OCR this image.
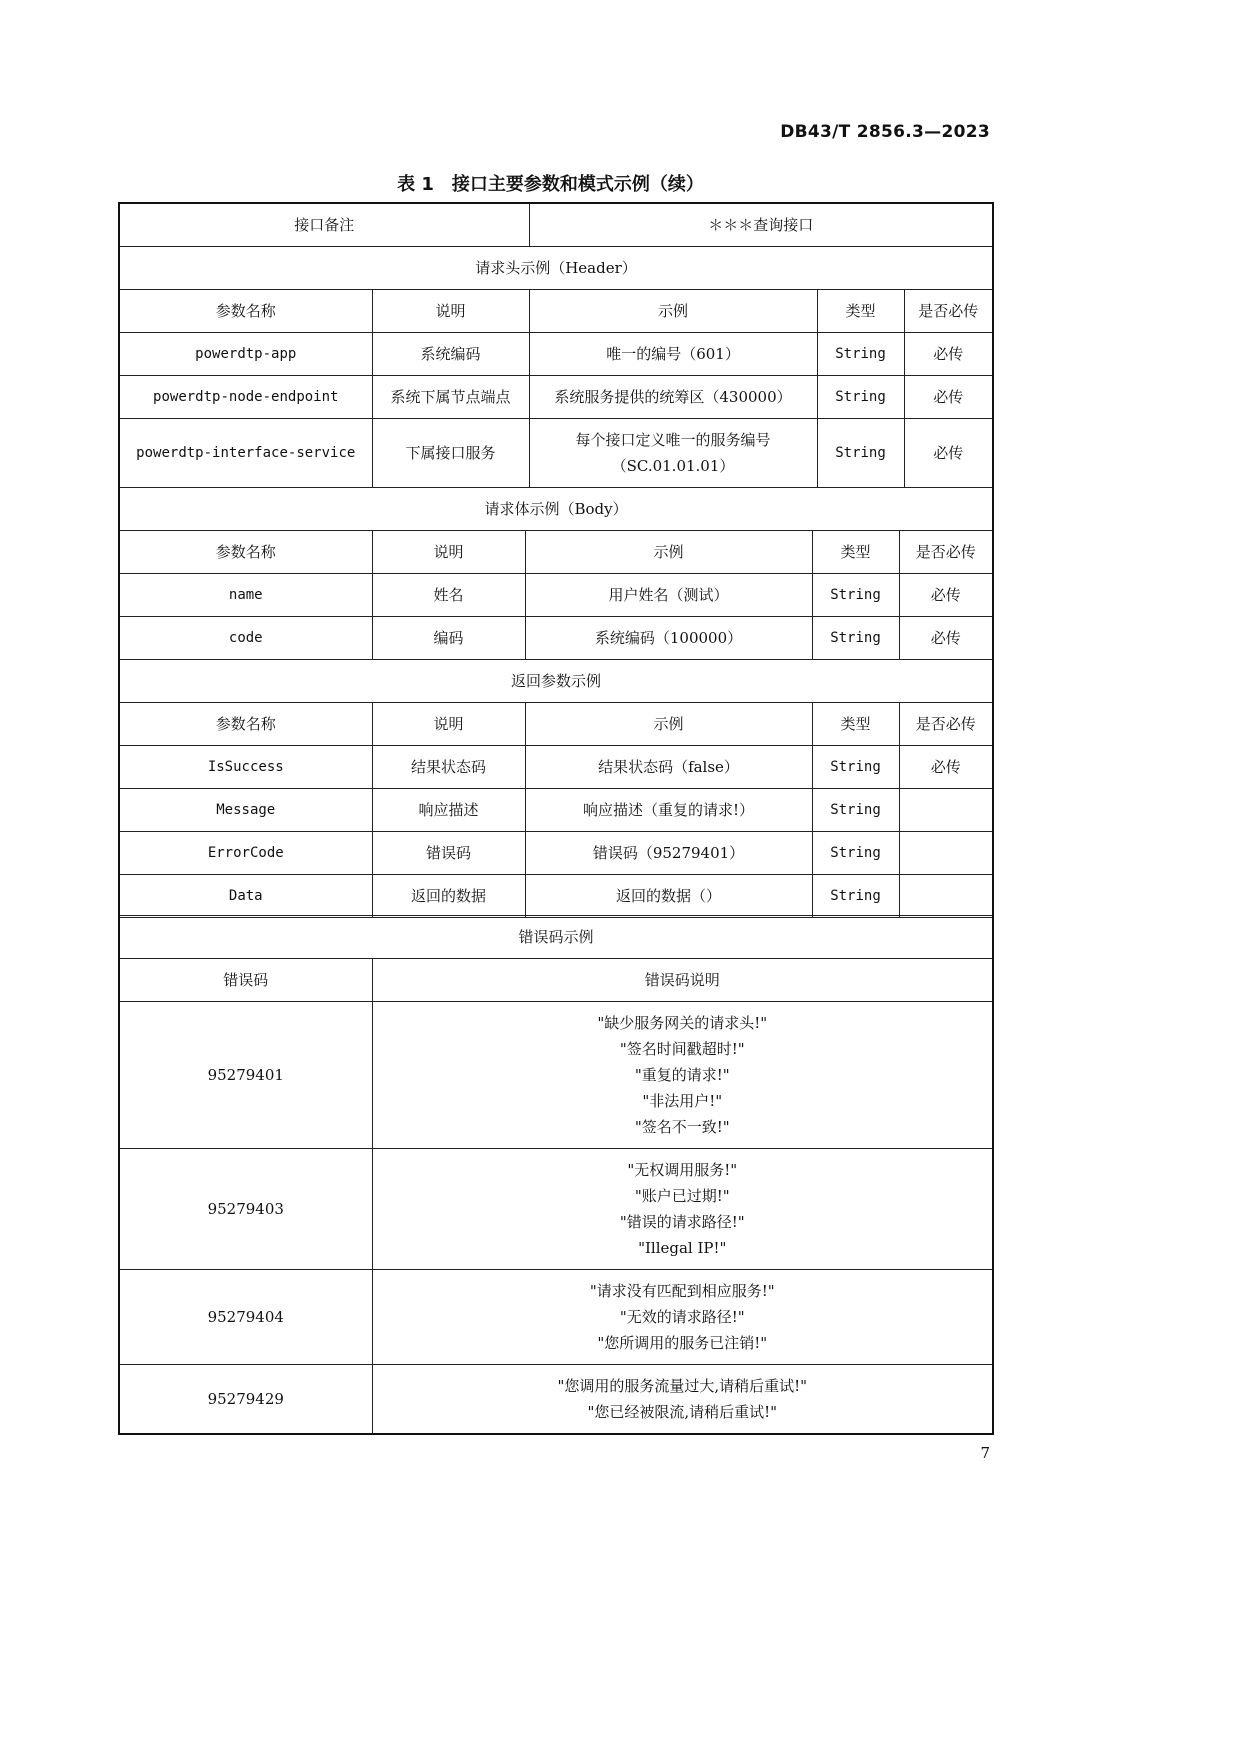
DB43/T 2856.3—2023
表 1 接口主要参数和模式示例（续）
接口备注		＊＊＊查询接口		
请求头示例（Header）				
参数名称	说明	示例	类型	是否必传
powerdtp-app	系统编码	唯一的编号（601）	String	必传
powerdtp-node-endpoint	系统下属节点端点	系统服务提供的统筹区（430000）	String	必传
powerdtp-interface-service	下属接口服务	每个接口定义唯一的服务编号
（SC.01.01.01）	String	必传
请求体示例（Body）				
参数名称	说明	示例	类型	是否必传
name	姓名	用户姓名（测试）	String	必传
code	编码	系统编码（100000）	String	必传
返回参数示例				
参数名称	说明	示例	类型	是否必传
IsSuccess	结果状态码	结果状态码（false）	String	必传
Message	响应描述	响应描述（重复的请求!）	String	
ErrorCode	错误码	错误码（95279401）	String	
Data	返回的数据	返回的数据（）	String	
错误码示例	
错误码	错误码说明
95279401	"缺少服务网关的请求头!"
"签名时间戳超时!"
"重复的请求!"
"非法用户!"
"签名不一致!"

95279403	"无权调用服务!"
"账户已过期!"
"错误的请求路径!"
"Illegal IP!"

95279404	"请求没有匹配到相应服务!"
"无效的请求路径!"
"您所调用的服务已注销!"

95279429	"您调用的服务流量过大,请稍后重试!"
"您已经被限流,请稍后重试!"
7
